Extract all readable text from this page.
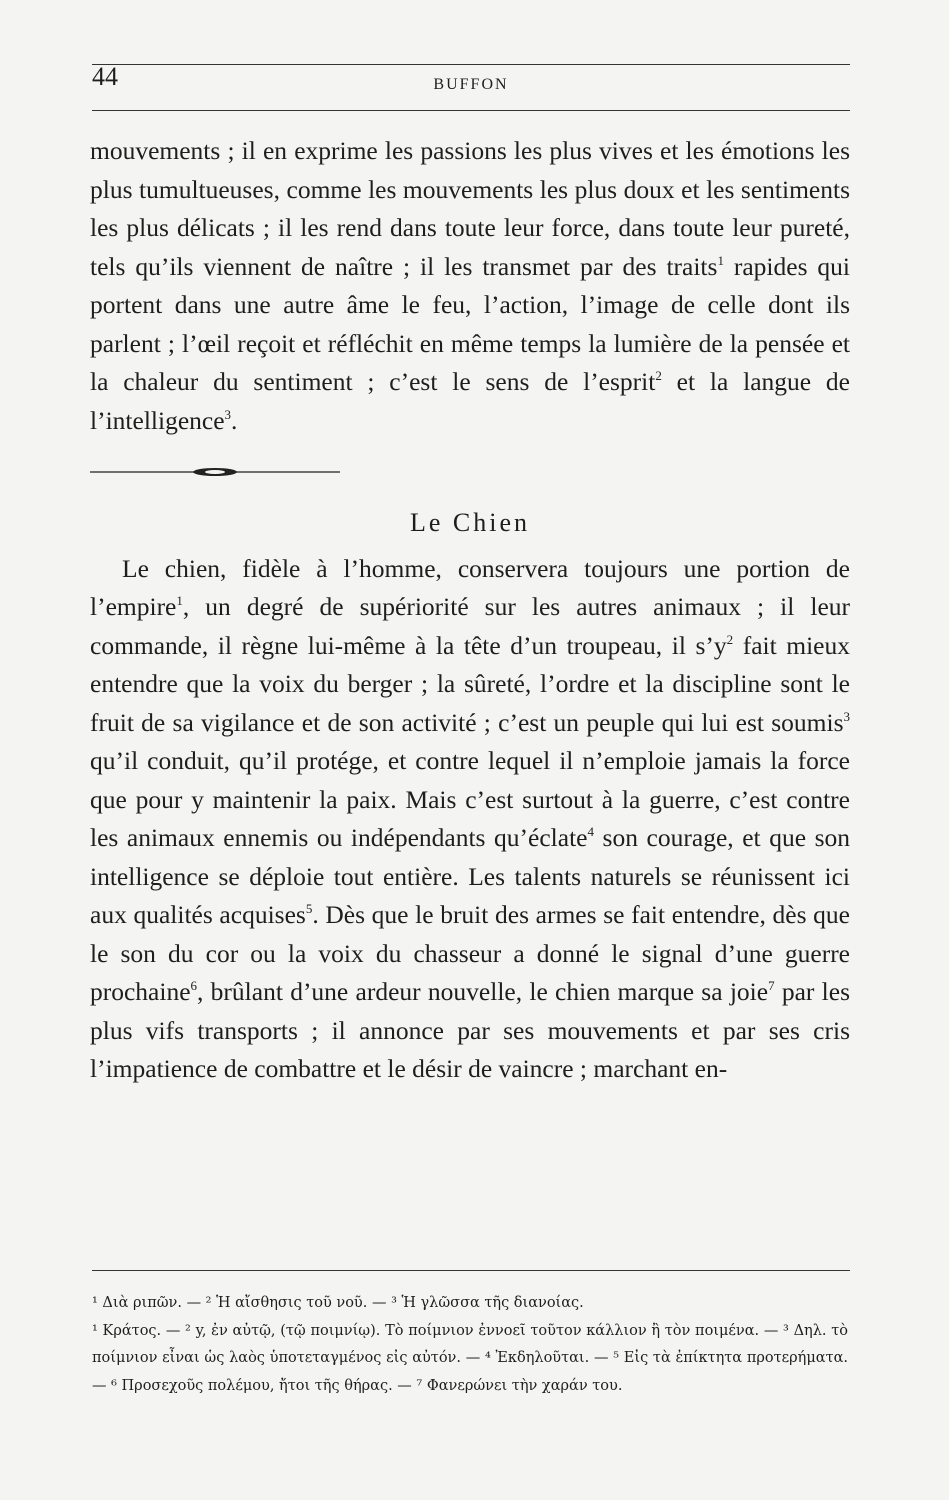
44	BUFFON

mouvements ; il en exprime les passions les plus vives et les émotions les plus tumultueuses, comme les mouvements les plus doux et les sentiments les plus délicats ; il les rend dans toute leur force, dans toute leur pureté, tels qu’ils viennent de naître ; il les transmet par des traits$^1$ rapides qui portent dans une autre âme le feu, l’action, l’image de celle dont ils parlent ; l’œil reçoit et réfléchit en même temps la lumière de la pensée et la chaleur du sentiment ; c’est le sens de l’esprit$^2$ et la langue de l’intelligence$^3$.

Le Chien

Le chien, fidèle à l’homme, conservera toujours une portion de l’empire$^1$, un degré de supériorité sur les autres animaux ; il leur commande, il règne lui-même à la tête d’un troupeau, il $s’y^2$ fait mieux entendre que la voix du berger ; la sûreté, l’ordre et la discipline sont le fruit de sa vigilance et de son activité ; c’est un peuple qui lui est soumis$^3$ qu’il conduit, qu’il protége, et contre lequel il n’emploie jamais la force que pour y maintenir la paix. Mais c’est surtout à la guerre, c’est contre les animaux ennemis ou indépendants qu’éclate$^4$ son courage, et que son intelligence se déploie tout entière. Les talents naturels se réunissent ici aux qualités acquises$^5$. Dès que le bruit des armes se fait entendre, dès que le son du cor ou la voix du chasseur a donné le signal d’une guerre prochaine$^6$, brûlant d’une ardeur nouvelle, le chien marque sa joie$^7$ par les plus vifs transports ; il annonce par ses mouvements et par ses cris l’impatience de combattre et le désir de vaincre ; marchant en-

¹ Διὰ ριπῶν. — ² Ἡ αἴσθησις τοῦ νοῦ. — ³ Ἡ γλῶσσα τῆς διανοίας.

¹ Κράτος. — ² y, ἐν αὐτῷ, (τῷ ποιμνίῳ). Τὸ ποίμνιον ἐννοεῖ τοῦτον κάλλιον ἢ τὸν ποιμένα. — ³ Δηλ. τὸ ποίμνιον εἶναι ὡς λαὸς ὑποτεταγμένος εἰς αὐτόν. — ⁴ Ἐκδηλοῦται. — ⁵ Εἰς τὰ ἐπίκτητα προτερήματα. — ⁶ Προσεχοῦς πολέμου, ἤτοι τῆς θήρας. — ⁷ Φανερώνει τὴν χαράν του.
